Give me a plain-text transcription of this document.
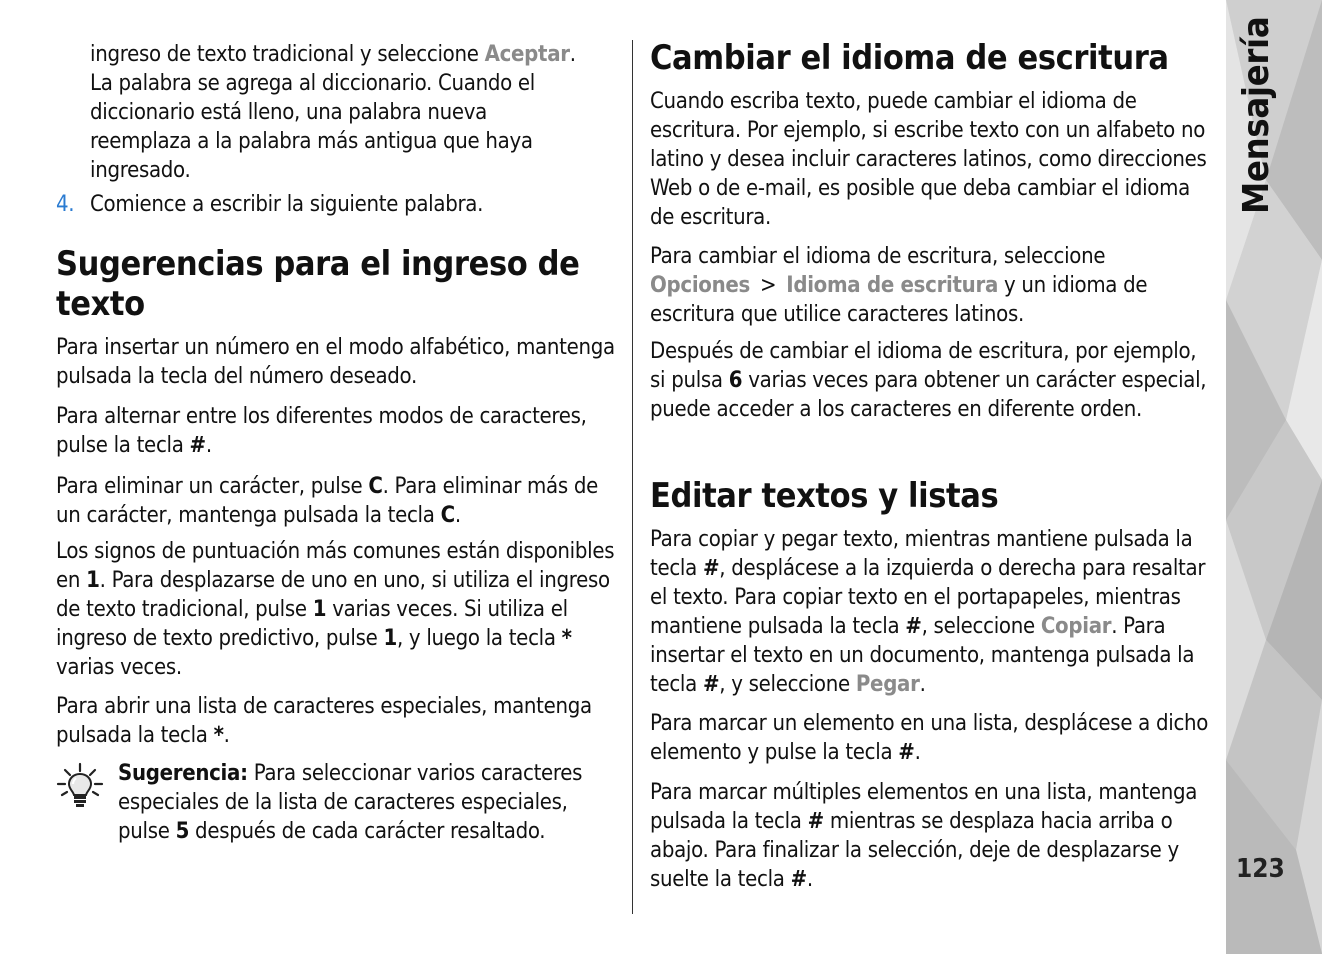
ingreso de texto tradicional y seleccione Aceptar.

La palabra se agrega al diccionario. Cuando el

diccionario está lleno, una palabra nueva

reemplaza a la palabra más antigua que haya

ingresado.

4. Comience a escribir la siguiente palabra.

Sugerencias para el ingreso de texto

Para insertar un número en el modo alfabético, mantenga pulsada la tecla del número deseado.

Para alternar entre los diferentes modos de caracteres, pulse la tecla #.

Para eliminar un carácter, pulse C. Para eliminar más de un carácter, mantenga pulsada la tecla C.

Los signos de puntuación más comunes están disponibles en 1. Para desplazarse de uno en uno, si utiliza el ingreso de texto tradicional, pulse 1 varias veces. Si utiliza el ingreso de texto predictivo, pulse 1, y luego la tecla * varias veces.

Para abrir una lista de caracteres especiales, mantenga pulsada la tecla *.

Sugerencia: Para seleccionar varios caracteres especiales de la lista de caracteres especiales, pulse 5 después de cada carácter resaltado.

Cambiar el idioma de escritura

Cuando escriba texto, puede cambiar el idioma de escritura. Por ejemplo, si escribe texto con un alfabeto no latino y desea incluir caracteres latinos, como direcciones Web o de e-mail, es posible que deba cambiar el idioma de escritura.

Para cambiar el idioma de escritura, seleccione

Opciones > Idioma de escritura y un idioma de escritura que utilice caracteres latinos.

Después de cambiar el idioma de escritura, por ejemplo, si pulsa 6 varias veces para obtener un carácter especial, puede acceder a los caracteres en diferente orden.

Editar textos y listas

Para copiar y pegar texto, mientras mantiene pulsada la tecla #, desplácese a la izquierda o derecha para resaltar el texto. Para copiar texto en el portapapeles, mientras mantiene pulsada la tecla #, seleccione Copiar. Para insertar el texto en un documento, mantenga pulsada la tecla #, y seleccione Pegar.

Para marcar un elemento en una lista, desplácese a dicho elemento y pulse la tecla #.

Para marcar múltiples elementos en una lista, mantenga pulsada la tecla # mientras se desplaza hacia arriba o abajo. Para finalizar la selección, deje de desplazarse y suelte la tecla #.

Mensajería
123
